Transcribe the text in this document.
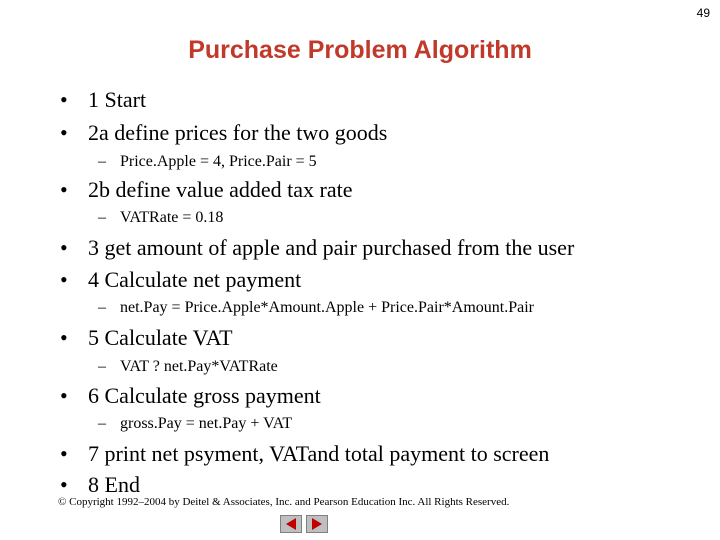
49
Purchase Problem Algorithm
• 1 Start
• 2a define prices for the two goods
– Price.Apple = 4, Price.Pair = 5
• 2b define value added tax rate
– VATRate = 0.18
• 3 get amount of apple and pair purchased from the user
• 4 Calculate net payment
– net.Pay = Price.Apple*Amount.Apple + Price.Pair*Amount.Pair
• 5 Calculate VAT
– VAT ? net.Pay*VATRate
• 6 Calculate gross payment
– gross.Pay = net.Pay + VAT
• 7 print net psyment, VATand total payment to screen
• 8 End
© Copyright 1992–2004 by Deitel & Associates, Inc. and Pearson Education Inc. All Rights Reserved.
